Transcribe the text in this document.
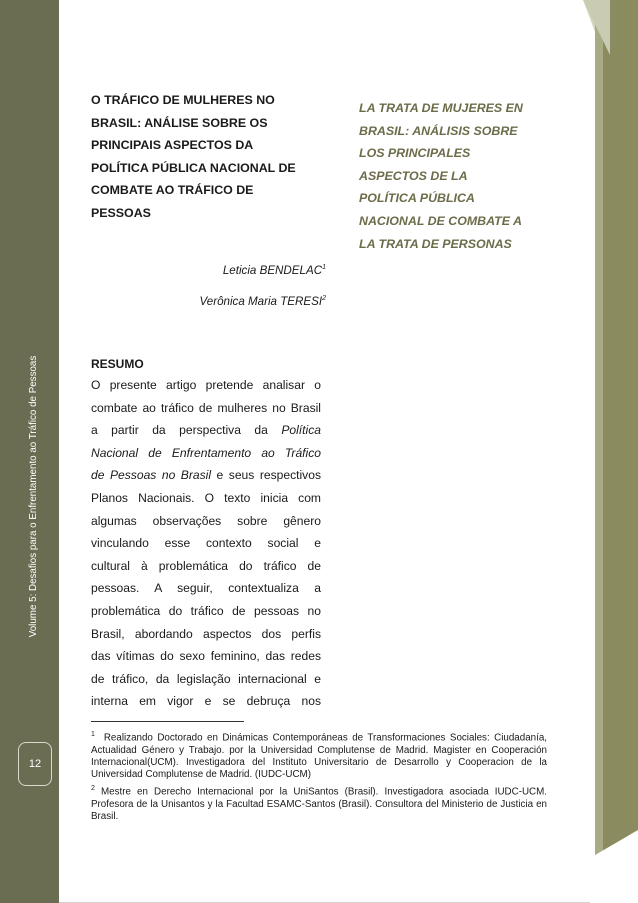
Volume 5: Desafios para o Enfrentamento ao Tráfico de Pessoas
12
O TRÁFICO DE MULHERES NO
BRASIL: ANÁLISE SOBRE OS
PRINCIPAIS ASPECTOS DA
POLÍTICA PÚBLICA NACIONAL DE
COMBATE AO TRÁFICO DE
PESSOAS
LA TRATA DE MUJERES EN
BRASIL: ANÁLISIS SOBRE
LOS PRINCIPALES
ASPECTOS DE LA
POLÍTICA PÚBLICA
NACIONAL DE COMBATE A
LA TRATA DE PERSONAS
Leticia BENDELAC$^1$
Verônica Maria TERESI$^2$
RESUMO
O presente artigo pretende analisar o
combate ao tráfico de mulheres no Brasil
a partir da perspectiva da Política
Nacional de Enfrentamento ao Tráfico
de Pessoas no Brasil e seus respectivos
Planos Nacionais. O texto inicia com
algumas observações sobre gênero
vinculando esse contexto social e
cultural à problemática do tráfico de
pessoas. A seguir, contextualiza a
problemática do tráfico de pessoas no
Brasil, abordando aspectos dos perfis
das vítimas do sexo feminino, das redes
de tráfico, da legislação internacional e
interna em vigor e se debruça nos
$^1$ Realizando Doctorado en Dinámicas Contemporáneas de Transformaciones Sociales: Ciudadanía, Actualidad Género y Trabajo. por la Universidad Complutense de Madrid. Magister en Cooperación Internacional(UCM). Investigadora del Instituto Universitario de Desarrollo y Cooperacion de la Universidad Complutense de Madrid. (IUDC-UCM)
$^2$ Mestre en Derecho Internacional por la UniSantos (Brasil). Investigadora asociada IUDC-UCM. Profesora de la Unisantos y la Facultad ESAMC-Santos (Brasil). Consultora del Ministerio de Justicia en Brasil.
